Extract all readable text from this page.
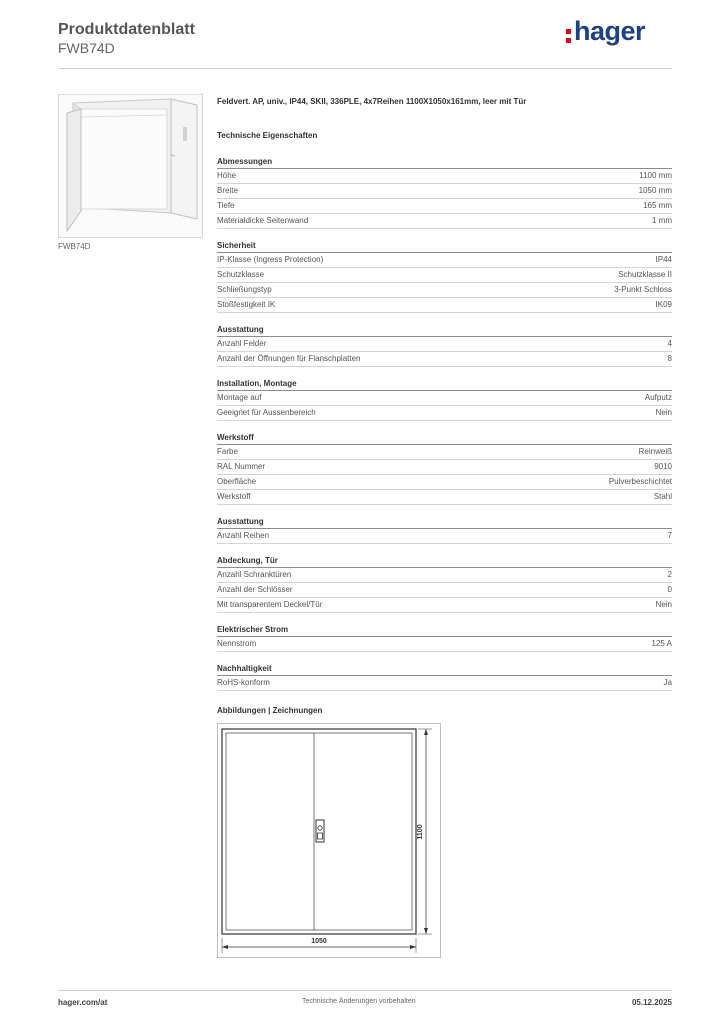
Produktdatenblatt
FWB74D
hager
FWB74D
Feldvert. AP, univ., IP44, SKII, 336PLE, 4x7Reihen 1100X1050x161mm, leer mit Tür
Technische Eigenschaften
Abmessungen
Höhe	1100 mm
Breite	1050 mm
Tiefe	165 mm
Materialdicke Seitenwand	1 mm
Sicherheit
IP-Klasse (Ingress Protection)	IP44
Schutzklasse	Schutzklasse II
Schließungstyp	3-Punkt Schloss
Stoßfestigkeit IK	IK09
Ausstattung
Anzahl Felder	4
Anzahl der Öffnungen für Flanschplatten	8
Installation, Montage
Montage auf	Aufputz
Geeignet für Aussenbereich	Nein
Werkstoff
Farbe	Reinweiß
RAL Nummer	9010
Oberfläche	Pulverbeschichtet
Werkstoff	Stahl
Ausstattung
Anzahl Reihen	7
Abdeckung, Tür
Anzahl Schranktüren	2
Anzahl der Schlösser	0
Mit transparentem Deckel/Tür	Nein
Elektrischer Strom
Nennstrom	125 A
Nachhaltigkeit
RoHS-konform	Ja
Abbildungen | Zeichnungen
1100
1050
hager.com/at	Technische Änderungen vorbehalten	05.12.2025
